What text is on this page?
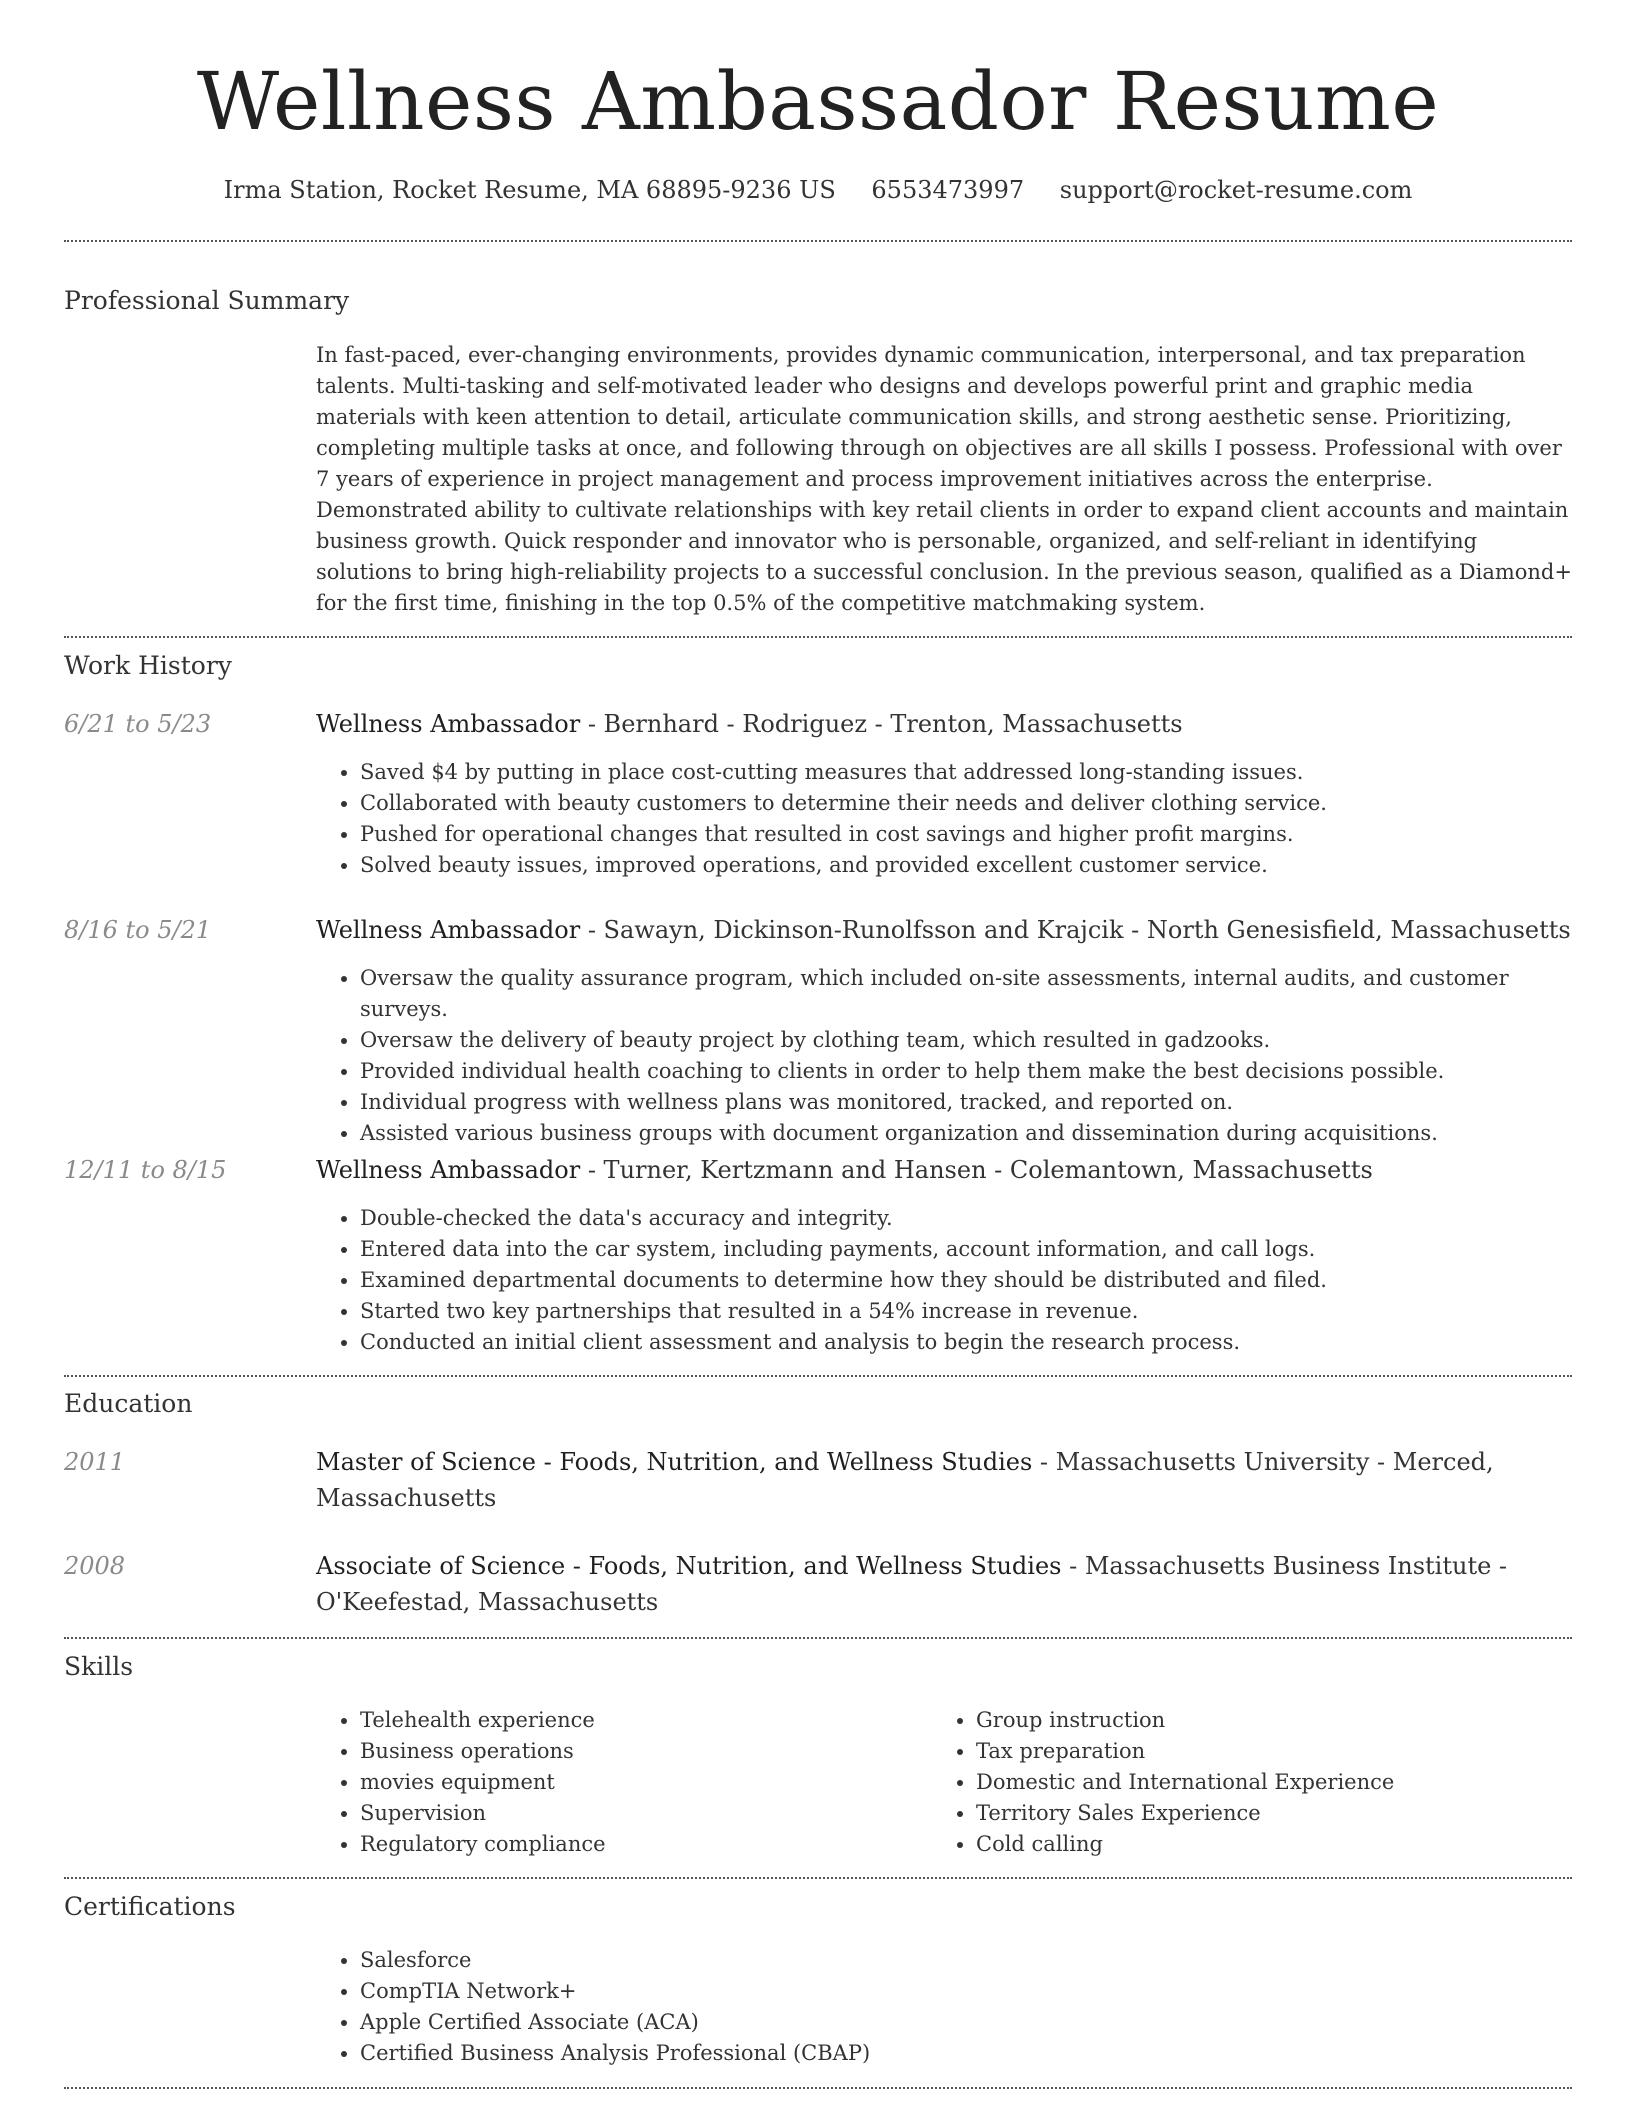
Wellness Ambassador Resume
Irma Station, Rocket Resume, MA 68895-9236 US 6553473997 support@rocket-resume.com
Professional Summary

In fast-paced, ever-changing environments, provides dynamic communication, interpersonal, and tax preparation talents. Multi-tasking and self-motivated leader who designs and develops powerful print and graphic media materials with keen attention to detail, articulate communication skills, and strong aesthetic sense. Prioritizing, completing multiple tasks at once, and following through on objectives are all skills I possess. Professional with over 7 years of experience in project management and process improvement initiatives across the enterprise. Demonstrated ability to cultivate relationships with key retail clients in order to expand client accounts and maintain business growth. Quick responder and innovator who is personable, organized, and self-reliant in identifying solutions to bring high-reliability projects to a successful conclusion. In the previous season, qualified as a Diamond+ for the first time, finishing in the top 0.5% of the competitive matchmaking system.

Work History
6/21 to 5/23	Wellness Ambassador - Bernhard - Rodriguez - Trenton, Massachusetts
• Saved $4 by putting in place cost-cutting measures that addressed long-standing issues.
• Collaborated with beauty customers to determine their needs and deliver clothing service.
• Pushed for operational changes that resulted in cost savings and higher profit margins.
• Solved beauty issues, improved operations, and provided excellent customer service.
8/16 to 5/21	Wellness Ambassador - Sawayn, Dickinson-Runolfsson and Krajcik - North Genesisfield, Massachusetts
• Oversaw the quality assurance program, which included on-site assessments, internal audits, and customer surveys.
• Oversaw the delivery of beauty project by clothing team, which resulted in gadzooks.
• Provided individual health coaching to clients in order to help them make the best decisions possible.
• Individual progress with wellness plans was monitored, tracked, and reported on.
• Assisted various business groups with document organization and dissemination during acquisitions.
12/11 to 8/15	Wellness Ambassador - Turner, Kertzmann and Hansen - Colemantown, Massachusetts
• Double-checked the data's accuracy and integrity.
• Entered data into the car system, including payments, account information, and call logs.
• Examined departmental documents to determine how they should be distributed and filed.
• Started two key partnerships that resulted in a 54% increase in revenue.
• Conducted an initial client assessment and analysis to begin the research process.
Education
2011	Master of Science - Foods, Nutrition, and Wellness Studies - Massachusetts University - Merced, Massachusetts
2008	Associate of Science - Foods, Nutrition, and Wellness Studies - Massachusetts Business Institute - O'Keefestad, Massachusetts
Skills
• Telehealth experience
• Business operations
• movies equipment
• Supervision
• Regulatory compliance
• Group instruction
• Tax preparation
• Domestic and International Experience
• Territory Sales Experience
• Cold calling
Certifications
• Salesforce
• CompTIA Network+
• Apple Certified Associate (ACA)
• Certified Business Analysis Professional (CBAP)
